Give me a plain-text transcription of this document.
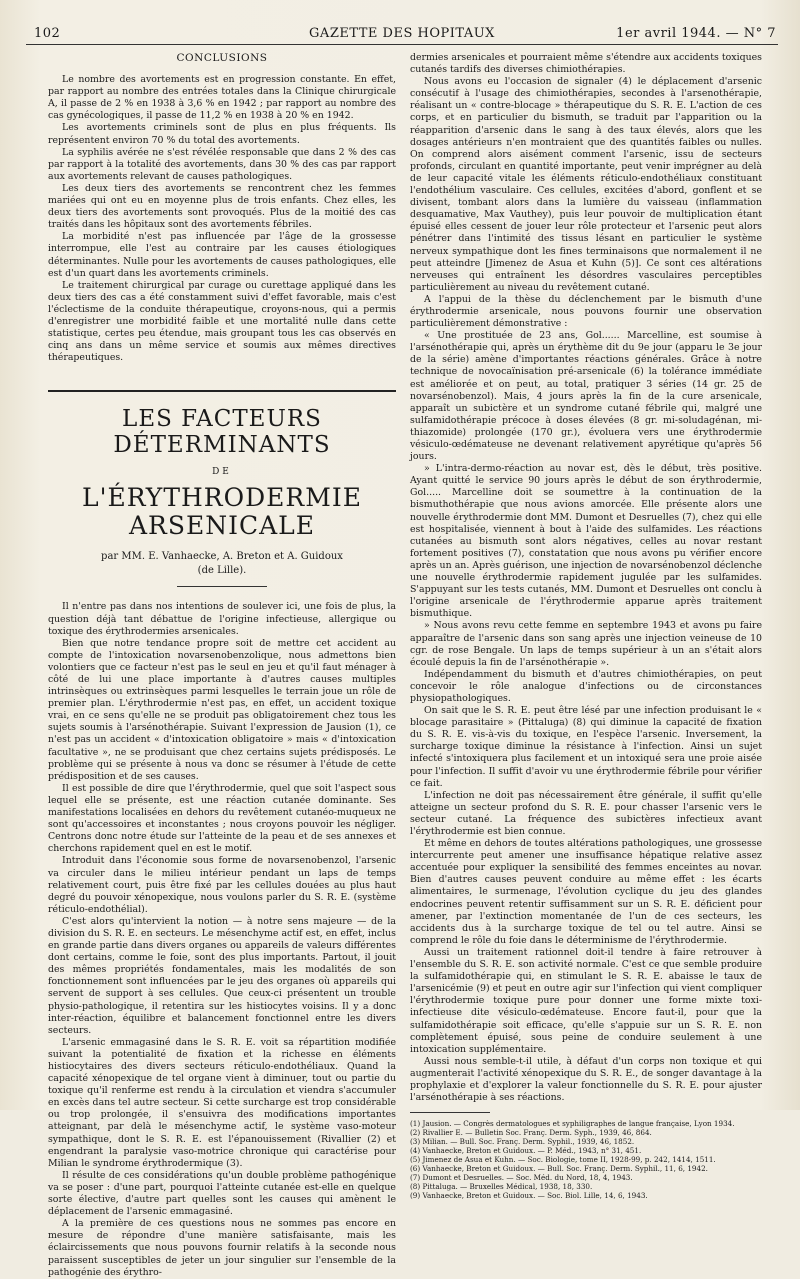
102	GAZETTE DES HOPITAUX	1er avril 1944. — N° 7
CONCLUSIONS

Le nombre des avortements est en progression constante. En effet, par rapport au nombre des entrées totales dans la Clinique chirurgicale A, il passe de 2 % en 1938 à 3,6 % en 1942 ; par rapport au nombre des cas gynécologiques, il passe de 11,2 % en 1938 à 20 % en 1942.

Les avortements criminels sont de plus en plus fréquents. Ils représentent environ 70 % du total des avortements.

La syphilis avérée ne s'est révélée responsable que dans 2 % des cas par rapport à la totalité des avortements, dans 30 % des cas par rapport aux avortements relevant de causes pathologiques.

Les deux tiers des avortements se rencontrent chez les femmes mariées qui ont eu en moyenne plus de trois enfants. Chez elles, les deux tiers des avortements sont provoqués. Plus de la moitié des cas traités dans les hôpitaux sont des avortements fébriles.

La morbidité n'est pas influencée par l'âge de la grossesse interrompue, elle l'est au contraire par les causes étiologiques déterminantes. Nulle pour les avortements de causes pathologiques, elle est d'un quart dans les avortements criminels.

Le traitement chirurgical par curage ou curettage appliqué dans les deux tiers des cas a été constamment suivi d'effet favorable, mais c'est l'éclectisme de la conduite thérapeutique, croyons-nous, qui a permis d'enregistrer une morbidité faible et une mortalité nulle dans cette statistique, certes peu étendue, mais groupant tous les cas observés en cinq ans dans un même service et soumis aux mêmes directives thérapeutiques.

LES FACTEURS DÉTERMINANTS
DE
L'ÉRYTHRODERMIE ARSENICALE
par MM. E. Vanhaecke, A. Breton et A. Guidoux
(de Lille).

Il n'entre pas dans nos intentions de soulever ici, une fois de plus, la question déjà tant débattue de l'origine infectieuse, allergique ou toxique des érythrodermies arsenicales.

Bien que notre tendance propre soit de mettre cet accident au compte de l'intoxication novarsenobenzolique, nous admettons bien volontiers que ce facteur n'est pas le seul en jeu et qu'il faut ménager à côté de lui une place importante à d'autres causes multiples intrinsèques ou extrinsèques parmi lesquelles le terrain joue un rôle de premier plan. L'érythrodermie n'est pas, en effet, un accident toxique vrai, en ce sens qu'elle ne se produit pas obligatoirement chez tous les sujets soumis à l'arsénothérapie. Suivant l'expression de Jausion (1), ce n'est pas un accident « d'intoxication obligatoire » mais « d'intoxication facultative », ne se produisant que chez certains sujets prédisposés. Le problème qui se présente à nous va donc se résumer à l'étude de cette prédisposition et de ses causes.

Il est possible de dire que l'érythrodermie, quel que soit l'aspect sous lequel elle se présente, est une réaction cutanée dominante. Ses manifestations localisées en dehors du revêtement cutanéo-muqueux ne sont qu'accessoires et inconstantes ; nous croyons pouvoir les négliger. Centrons donc notre étude sur l'atteinte de la peau et de ses annexes et cherchons rapidement quel en est le motif.

Introduit dans l'économie sous forme de novarsenobenzol, l'arsenic va circuler dans le milieu intérieur pendant un laps de temps relativement court, puis être fixé par les cellules douées au plus haut degré du pouvoir xénopexique, nous voulons parler du S. R. E. (système réticulo-endothélial).

C'est alors qu'intervient la notion — à notre sens majeure — de la division du S. R. E. en secteurs. Le mésenchyme actif est, en effet, inclus en grande partie dans divers organes ou appareils de valeurs différentes dont certains, comme le foie, sont des plus importants. Partout, il jouit des mêmes propriétés fondamentales, mais les modalités de son fonctionnement sont influencées par le jeu des organes où appareils qui servent de support à ses cellules. Que ceux-ci présentent un trouble physio-pathologique, il retentira sur les histiocytes voisins. Il y a donc inter-réaction, équilibre et balancement fonctionnel entre les divers secteurs.

L'arsenic emmagasiné dans le S. R. E. voit sa répartition modifiée suivant la potentialité de fixation et la richesse en éléments histiocytaires des divers secteurs réticulo-endothéliaux. Quand la capacité xénopexique de tel organe vient à diminuer, tout ou partie du toxique qu'il renferme est rendu à la circulation et viendra s'accumuler en excès dans tel autre secteur. Si cette surcharge est trop considérable ou trop prolongée, il s'ensuivra des modifications importantes atteignant, par delà le mésenchyme actif, le système vaso-moteur sympathique, dont le S. R. E. est l'épanouissement (Rivallier (2) et engendrant la paralysie vaso-motrice chronique qui caractérise pour Milian le syndrome érythrodermique (3).

Il résulte de ces considérations qu'un double problème pathogénique va se poser : d'une part, pourquoi l'atteinte cutanée est-elle en quelque sorte élective, d'autre part quelles sont les causes qui amènent le déplacement de l'arsenic emmagasiné.

A la première de ces questions nous ne sommes pas encore en mesure de répondre d'une manière satisfaisante, mais les éclaircissements que nous pouvons fournir relatifs à la seconde nous paraissent susceptibles de jeter un jour singulier sur l'ensemble de la pathogénie des érythro-

dermies arsenicales et pourraient même s'étendre aux accidents toxiques cutanés tardifs des diverses chimiothérapies.

Nous avons eu l'occasion de signaler (4) le déplacement d'arsenic consécutif à l'usage des chimiothérapies, secondes à l'arsenothérapie, réalisant un « contre-blocage » thérapeutique du S. R. E. L'action de ces corps, et en particulier du bismuth, se traduit par l'apparition ou la réapparition d'arsenic dans le sang à des taux élevés, alors que les dosages antérieurs n'en montraient que des quantités faibles ou nulles. On comprend alors aisément comment l'arsenic, issu de secteurs profonds, circulant en quantité importante, peut venir imprégner au delà de leur capacité vitale les éléments réticulo-endothéliaux constituant l'endothélium vasculaire. Ces cellules, excitées d'abord, gonflent et se divisent, tombant alors dans la lumière du vaisseau (inflammation desquamative, Max Vauthey), puis leur pouvoir de multiplication étant épuisé elles cessent de jouer leur rôle protecteur et l'arsenic peut alors pénétrer dans l'intimité des tissus lésant en particulier le système nerveux sympathique dont les fines terminaisons que normalement il ne peut atteindre [Jimenez de Asua et Kuhn (5)]. Ce sont ces altérations nerveuses qui entraînent les désordres vasculaires perceptibles particulièrement au niveau du revêtement cutané.

A l'appui de la thèse du déclenchement par le bismuth d'une érythrodermie arsenicale, nous pouvons fournir une observation particulièrement démonstrative :

« Une prostituée de 23 ans, Gol...... Marcelline, est soumise à l'arsénothérapie qui, après un érythème dit du 9e jour (apparu le 3e jour de la série) amène d'importantes réactions générales. Grâce à notre technique de novocaïnisation pré-arsenicale (6) la tolérance immédiate est améliorée et on peut, au total, pratiquer 3 séries (14 gr. 25 de novarsénobenzol). Mais, 4 jours après la fin de la cure arsenicale, apparaît un subictère et un syndrome cutané fébrile qui, malgré une sulfamidothérapie précoce à doses élevées (8 gr. mi-soludagénan, mi-thiazomide) prolongée (170 gr.), évoluera vers une érythrodermie vésiculo-œdémateuse ne devenant relativement apyrétique qu'après 56 jours.

» L'intra-dermo-réaction au novar est, dès le début, très positive. Ayant quitté le service 90 jours après le début de son érythrodermie, Gol..... Marcelline doit se soumettre à la continuation de la bismuthothérapie que nous avions amorcée. Elle présente alors une nouvelle érythrodermie dont MM. Dumont et Desruelles (7), chez qui elle est hospitalisée, viennent à bout à l'aide des sulfamides. Les réactions cutanées au bismuth sont alors négatives, celles au novar restant fortement positives (7), constatation que nous avons pu vérifier encore après un an. Après guérison, une injection de novarsénobenzol déclenche une nouvelle érythrodermie rapidement jugulée par les sulfamides. S'appuyant sur les tests cutanés, MM. Dumont et Desruelles ont conclu à l'origine arsenicale de l'érythrodermie apparue après traitement bismuthique.

» Nous avons revu cette femme en septembre 1943 et avons pu faire apparaître de l'arsenic dans son sang après une injection veineuse de 10 cgr. de rose Bengale. Un laps de temps supérieur à un an s'était alors écoulé depuis la fin de l'arsénothérapie ».

Indépendamment du bismuth et d'autres chimiothérapies, on peut concevoir le rôle analogue d'infections ou de circonstances physiopathologiques.

On sait que le S. R. E. peut être lésé par une infection produisant le « blocage parasitaire » (Pittaluga) (8) qui diminue la capacité de fixation du S. R. E. vis-à-vis du toxique, en l'espèce l'arsenic. Inversement, la surcharge toxique diminue la résistance à l'infection. Ainsi un sujet infecté s'intoxiquera plus facilement et un intoxiqué sera une proie aisée pour l'infection. Il suffit d'avoir vu une érythrodermie fébrile pour vérifier ce fait.

L'infection ne doit pas nécessairement être générale, il suffit qu'elle atteigne un secteur profond du S. R. E. pour chasser l'arsenic vers le secteur cutané. La fréquence des subictères infectieux avant l'érythrodermie est bien connue.

Et même en dehors de toutes altérations pathologiques, une grossesse intercurrente peut amener une insuffisance hépatique relative assez accentuée pour expliquer la sensibilité des femmes enceintes au novar. Bien d'autres causes peuvent conduire au même effet : les écarts alimentaires, le surmenage, l'évolution cyclique du jeu des glandes endocrines peuvent retentir suffisamment sur un S. R. E. déficient pour amener, par l'extinction momentanée de l'un de ces secteurs, les accidents dus à la surcharge toxique de tel ou tel autre. Ainsi se comprend le rôle du foie dans le déterminisme de l'érythrodermie.

Aussi un traitement rationnel doit-il tendre à faire retrouver à l'ensemble du S. R. E. son activité normale. C'est ce que semble produire la sulfamidothérapie qui, en stimulant le S. R. E. abaisse le taux de l'arsenicémie (9) et peut en outre agir sur l'infection qui vient compliquer l'érythrodermie toxique pure pour donner une forme mixte toxi-infectieuse dite vésiculo-œdémateuse. Encore faut-il, pour que la sulfamidothérapie soit efficace, qu'elle s'appuie sur un S. R. E. non complètement épuisé, sous peine de conduire seulement à une intoxication supplémentaire.

Aussi nous semble-t-il utile, à défaut d'un corps non toxique et qui augmenterait l'activité xénopexique du S. R. E., de songer davantage à la prophylaxie et d'explorer la valeur fonctionnelle du S. R. E. pour ajuster l'arsénothérapie à ses réactions.

(1) Jausion. — Congrès dermatologues et syphiligraphes de langue française, Lyon 1934.
(2) Rivallier E. — Bulletin Soc. Franç. Derm. Syph., 1939, 46, 864.
(3) Milian. — Bull. Soc. Franç. Derm. Syphil., 1939, 46, 1852.
(4) Vanhaecke, Breton et Guidoux. — P. Méd., 1943, n° 31, 451.
(5) Jimenez de Asua et Kuhn. — Soc. Biologie, tome II, 1928-99, p. 242, 1414, 1511.
(6) Vanhaecke, Breton et Guidoux. — Bull. Soc. Franç. Derm. Syphil., 11, 6, 1942.
(7) Dumont et Desruelles. — Soc. Méd. du Nord, 18, 4, 1943.
(8) Pittaluga. — Bruxelles Médical, 1938, 18, 330.
(9) Vanhaecke, Breton et Guidoux. — Soc. Biol. Lille, 14, 6, 1943.
